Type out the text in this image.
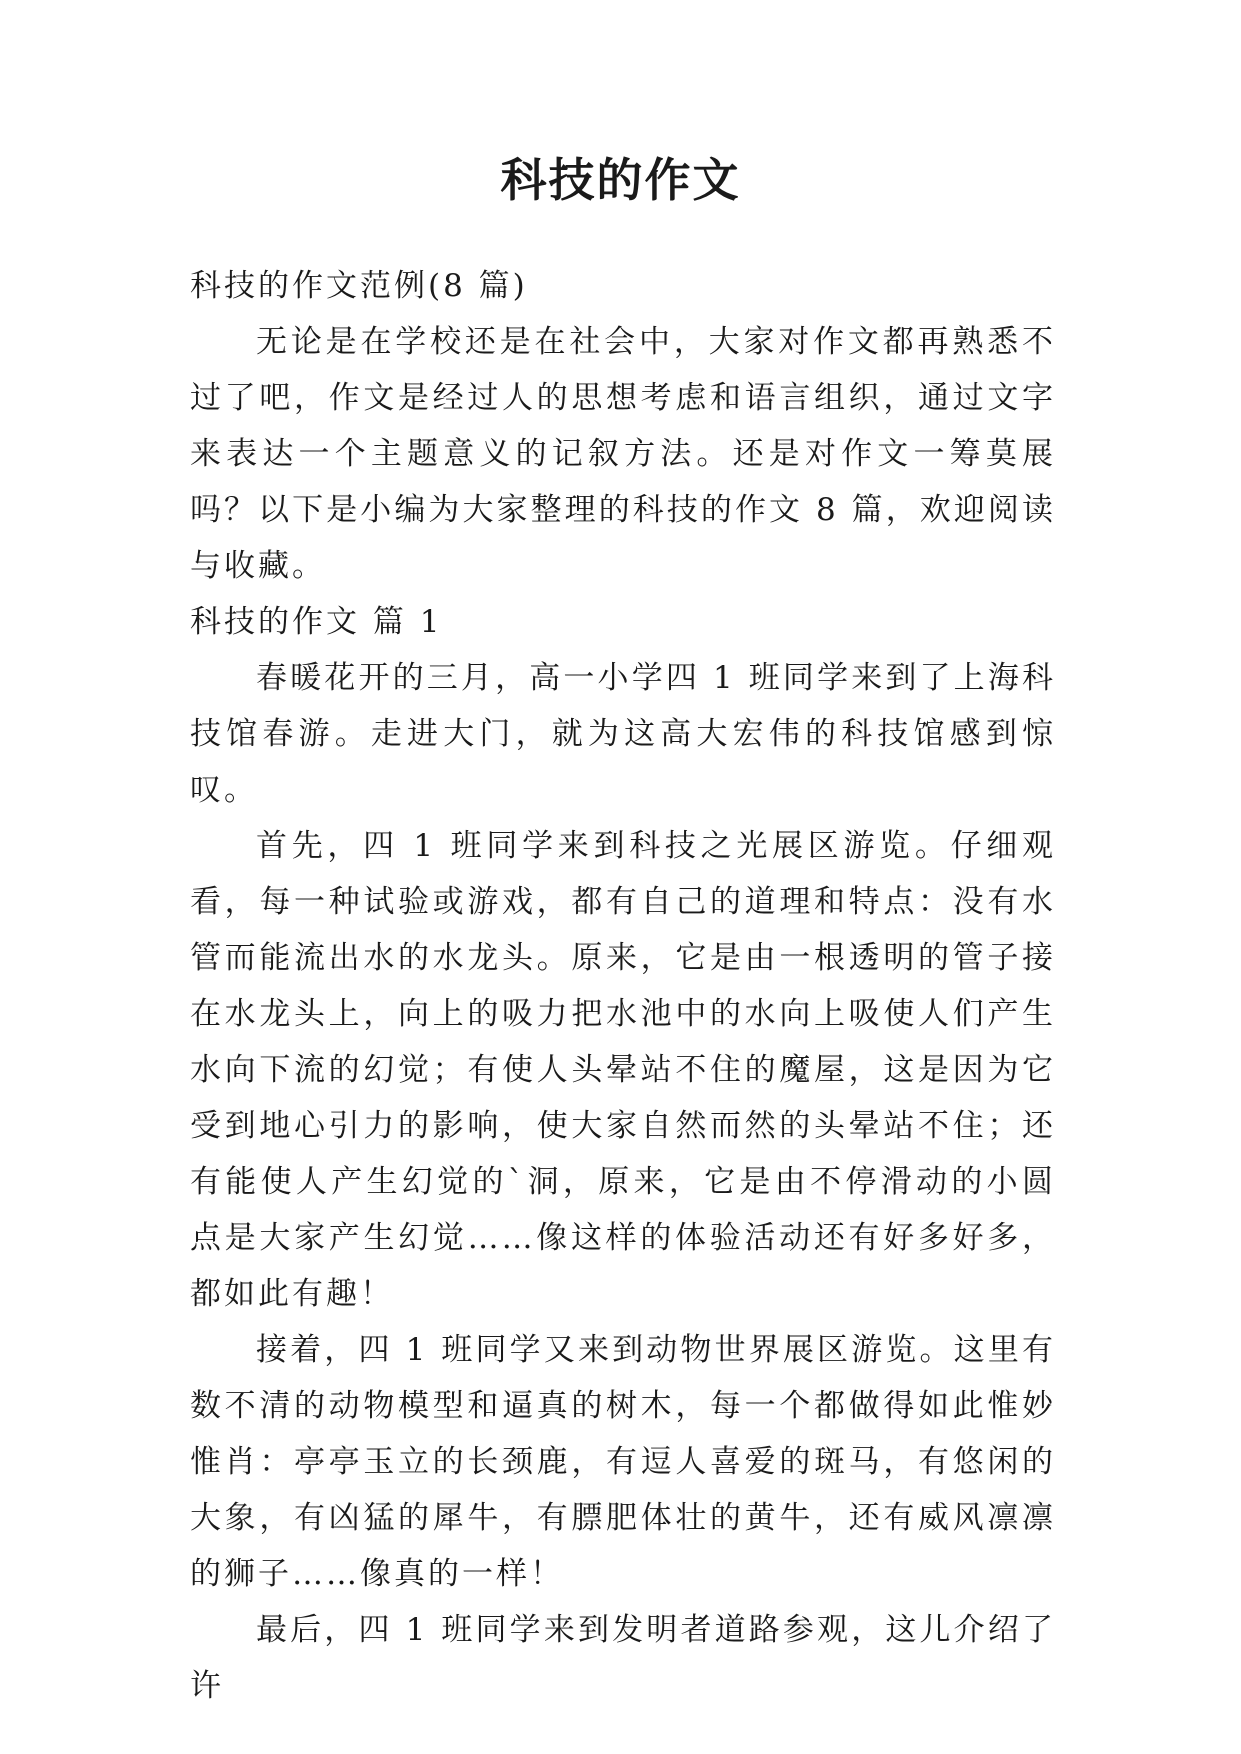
科技的作文

科技的作文范例(8 篇)

无论是在学校还是在社会中，大家对作文都再熟悉不过了吧，作文是经过人的思想考虑和语言组织，通过文字来表达一个主题意义的记叙方法。还是对作文一筹莫展吗？以下是小编为大家整理的科技的作文 8 篇，欢迎阅读与收藏。

科技的作文 篇 1

春暖花开的三月，高一小学四 1 班同学来到了上海科技馆春游。走进大门，就为这高大宏伟的科技馆感到惊叹。

首先，四 1 班同学来到科技之光展区游览。仔细观看，每一种试验或游戏，都有自己的道理和特点：没有水管而能流出水的水龙头。原来，它是由一根透明的管子接在水龙头上，向上的吸力把水池中的水向上吸使人们产生水向下流的幻觉；有使人头晕站不住的魔屋，这是因为它受到地心引力的影响，使大家自然而然的头晕站不住；还有能使人产生幻觉的`洞，原来，它是由不停滑动的小圆点是大家产生幻觉……像这样的体验活动还有好多好多，都如此有趣！

接着，四 1 班同学又来到动物世界展区游览。这里有数不清的动物模型和逼真的树木，每一个都做得如此惟妙惟肖：亭亭玉立的长颈鹿，有逗人喜爱的斑马，有悠闲的大象，有凶猛的犀牛，有膘肥体壮的黄牛，还有威风凛凛的狮子……像真的一样！

最后，四 1 班同学来到发明者道路参观，这儿介绍了许
